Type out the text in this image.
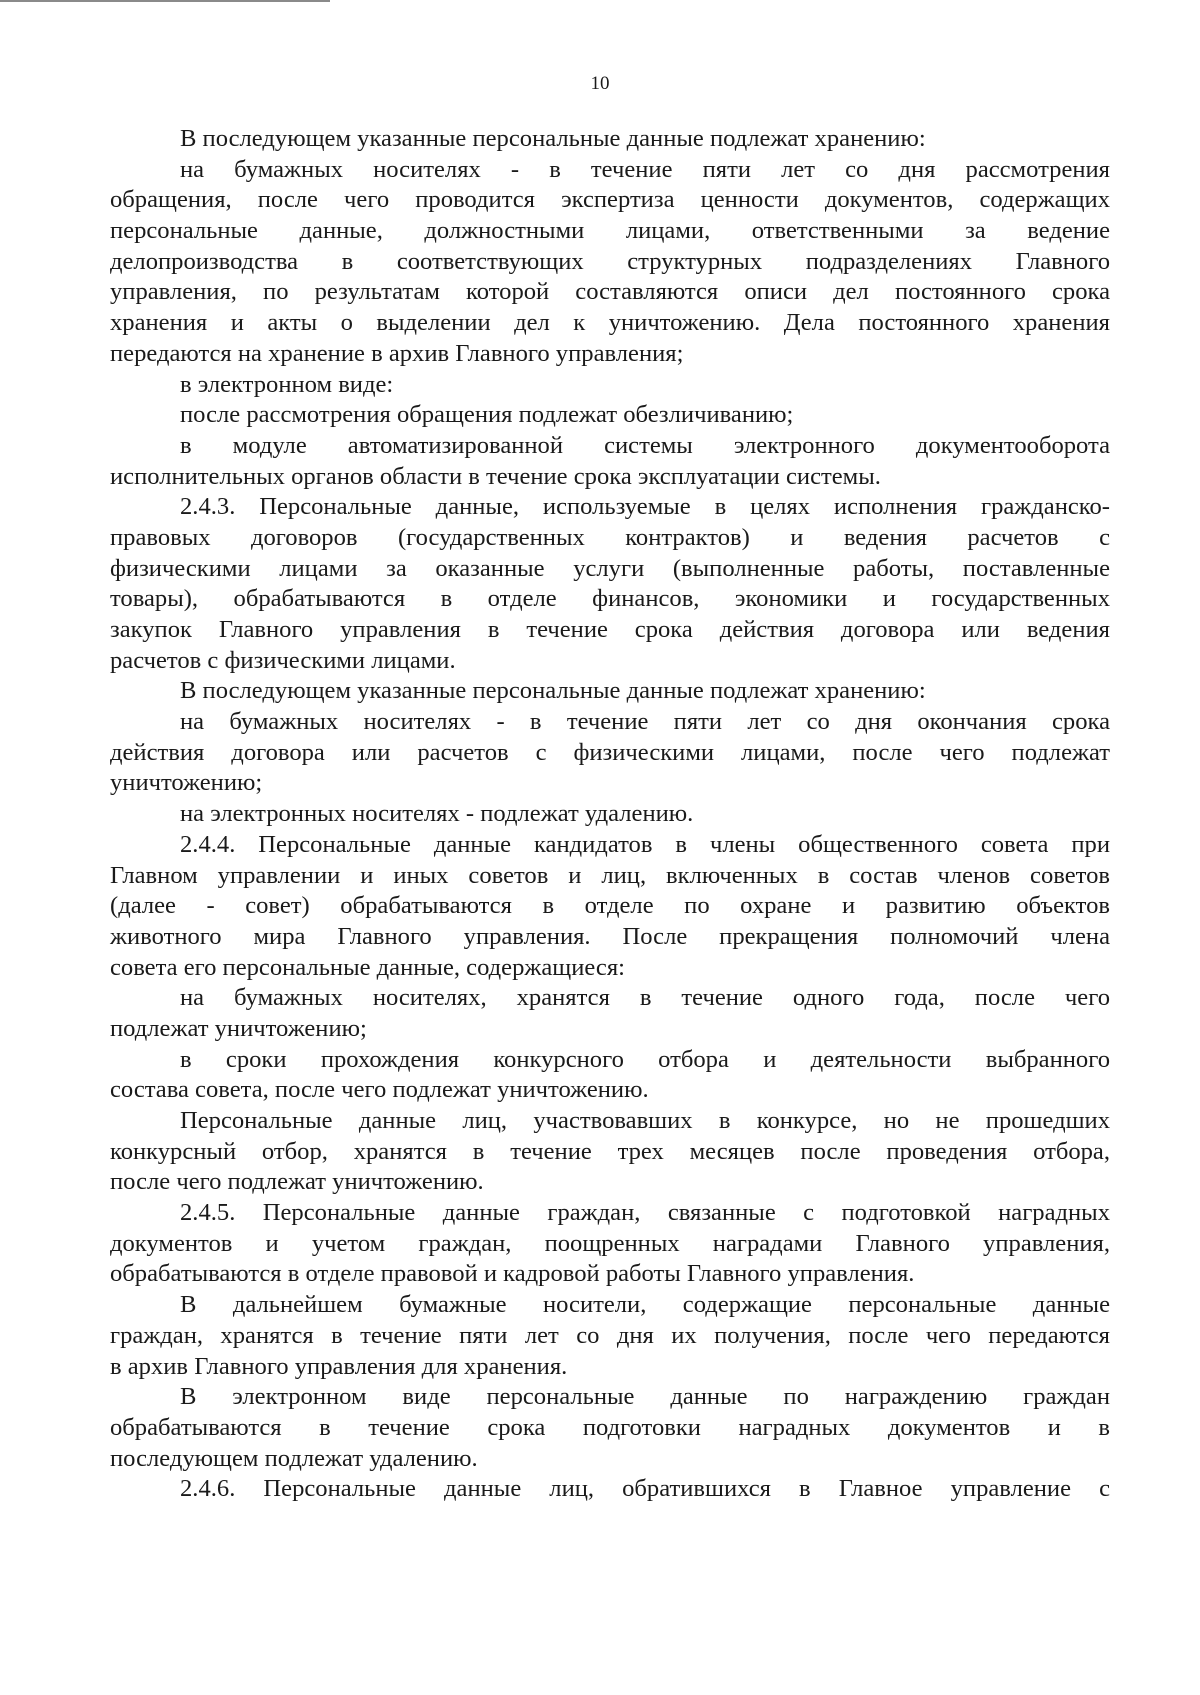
10
В последующем указанные персональные данные подлежат хранению:
на бумажных носителях - в течение пяти лет со дня рассмотрения
обращения, после чего проводится экспертиза ценности документов, содержащих
персональные данные, должностными лицами, ответственными за ведение
делопроизводства в соответствующих структурных подразделениях Главного
управления, по результатам которой составляются описи дел постоянного срока
хранения и акты о выделении дел к уничтожению. Дела постоянного хранения
передаются на хранение в архив Главного управления;
в электронном виде:
после рассмотрения обращения подлежат обезличиванию;
в модуле автоматизированной системы электронного документооборота
исполнительных органов области в течение срока эксплуатации системы.
2.4.3. Персональные данные, используемые в целях исполнения гражданско-
правовых договоров (государственных контрактов) и ведения расчетов с
физическими лицами за оказанные услуги (выполненные работы, поставленные
товары), обрабатываются в отделе финансов, экономики и государственных
закупок Главного управления в течение срока действия договора или ведения
расчетов с физическими лицами.
В последующем указанные персональные данные подлежат хранению:
на бумажных носителях - в течение пяти лет со дня окончания срока
действия договора или расчетов с физическими лицами, после чего подлежат
уничтожению;
на электронных носителях - подлежат удалению.
2.4.4. Персональные данные кандидатов в члены общественного совета при
Главном управлении и иных советов и лиц, включенных в состав членов советов
(далее - совет) обрабатываются в отделе по охране и развитию объектов
животного мира Главного управления. После прекращения полномочий члена
совета его персональные данные, содержащиеся:
на бумажных носителях, хранятся в течение одного года, после чего
подлежат уничтожению;
в сроки прохождения конкурсного отбора и деятельности выбранного
состава совета, после чего подлежат уничтожению.
Персональные данные лиц, участвовавших в конкурсе, но не прошедших
конкурсный отбор, хранятся в течение трех месяцев после проведения отбора,
после чего подлежат уничтожению.
2.4.5. Персональные данные граждан, связанные с подготовкой наградных
документов и учетом граждан, поощренных наградами Главного управления,
обрабатываются в отделе правовой и кадровой работы Главного управления.
В дальнейшем бумажные носители, содержащие персональные данные
граждан, хранятся в течение пяти лет со дня их получения, после чего передаются
в архив Главного управления для хранения.
В электронном виде персональные данные по награждению граждан
обрабатываются в течение срока подготовки наградных документов и в
последующем подлежат удалению.
2.4.6. Персональные данные лиц, обратившихся в Главное управление с
